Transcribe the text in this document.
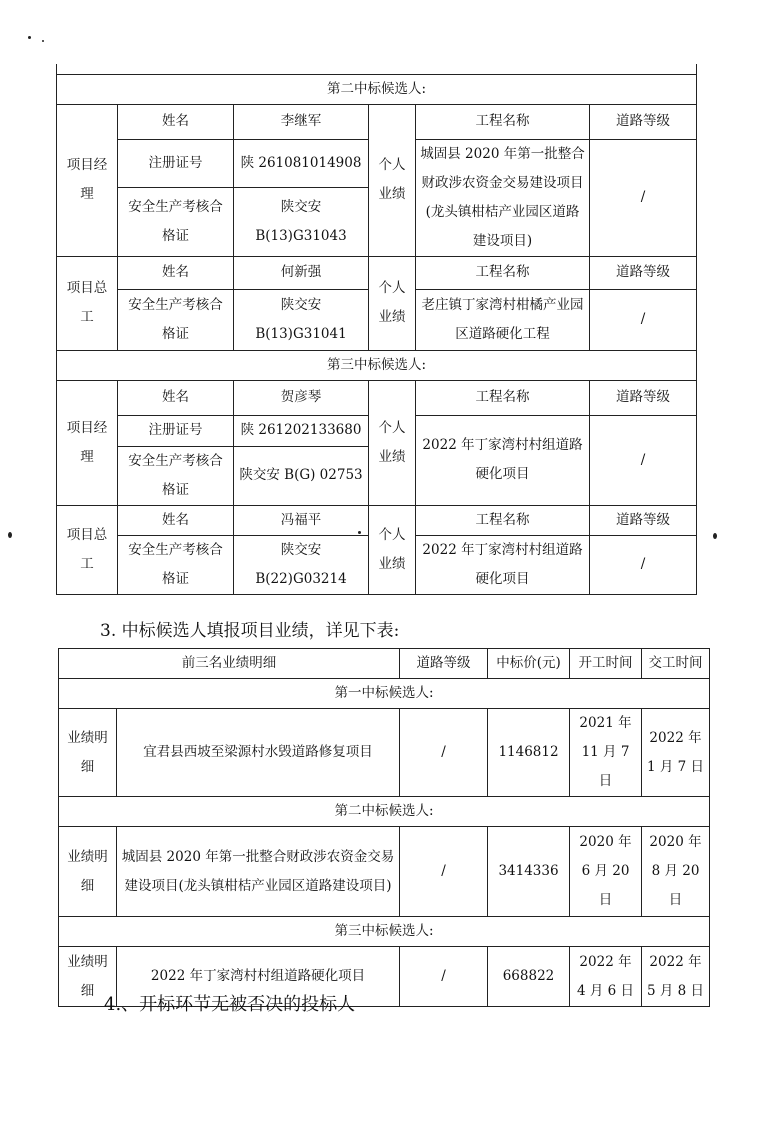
第二中标候选人:					
项目经理	姓名	李继军	个人业绩	工程名称	道路等级
	注册证号	陕 261081014908		城固县 2020 年第一批整合财政涉农资金交易建设项目(龙头镇柑桔产业园区道路建设项目)	/
	安全生产考核合格证	陕交安 B(13)G31043			
项目总工	姓名	何新强	个人业绩	工程名称	道路等级
	安全生产考核合格证	陕交安 B(13)G31041		老庄镇丁家湾村柑橘产业园区道路硬化工程	/
第三中标候选人:					
项目经理	姓名	贺彦琴	个人业绩	工程名称	道路等级
	注册证号	陕 261202133680		2022 年丁家湾村村组道路硬化项目	/
	安全生产考核合格证	陕交安 B(G) 02753			
项目总工	姓名	冯福平	个人业绩	工程名称	道路等级
	安全生产考核合格证	陕交安 B(22)G03214		2022 年丁家湾村村组道路硬化项目	/
3. 中标候选人填报项目业绩，详见下表:
前三名业绩明细		道路等级	中标价(元)	开工时间	交工时间
第一中标候选人:					
业绩明细	宜君县西坡至梁源村水毁道路修复项目	/	1146812	2021 年 11 月 7 日	2022 年 1 月 7 日
第二中标候选人:					
业绩明细	城固县 2020 年第一批整合财政涉农资金交易建设项目(龙头镇柑桔产业园区道路建设项目)	/	3414336	2020 年 6 月 20 日	2020 年 8 月 20 日
第三中标候选人:					
业绩明细	2022 年丁家湾村村组道路硬化项目	/	668822	2022 年 4 月 6 日	2022 年 5 月 8 日
4.、开标环节无被否决的投标人
